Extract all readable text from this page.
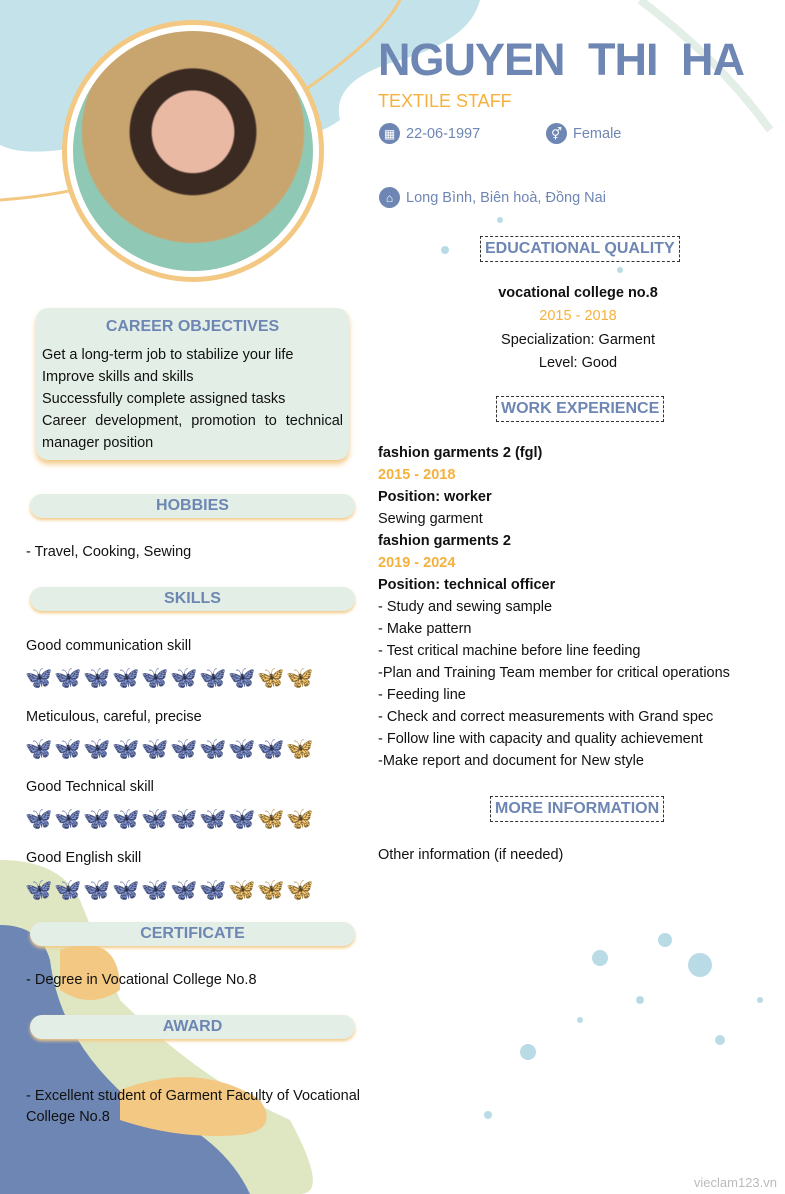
NGUYEN THI HA
TEXTILE STAFF
▦ 22-06-1997	⚥ Female
⌂ Long Bình, Biên hoà, Đồng Nai
CAREER OBJECTIVES

Get a long-term job to stabilize your life

Improve skills and skills

Successfully complete assigned tasks

Career development, promotion to technical manager position

HOBBIES
- Travel, Cooking, Sewing
SKILLS
Good communication skill
🦋 🦋 🦋 🦋 🦋 🦋 🦋 🦋 🦋 🦋
Meticulous, careful, precise
🦋 🦋 🦋 🦋 🦋 🦋 🦋 🦋 🦋 🦋
Good Technical skill
🦋 🦋 🦋 🦋 🦋 🦋 🦋 🦋 🦋 🦋
Good English skill
🦋 🦋 🦋 🦋 🦋 🦋 🦋 🦋 🦋 🦋
CERTIFICATE
- Degree in Vocational College No.8
AWARD
- Excellent student of Garment Faculty of Vocational College No.8
EDUCATIONAL QUALITY
vocational college no.8
2015 - 2018
Specialization: Garment
Level: Good
WORK EXPERIENCE
fashion garments 2 (fgl)
2015 - 2018
Position: worker
Sewing garment
fashion garments 2
2019 - 2024
Position: technical officer
- Study and sewing sample
- Make pattern
- Test critical machine before line feeding
-Plan and Training Team member for critical operations
- Feeding line
- Check and correct measurements with Grand spec
- Follow line with capacity and quality achievement
-Make report and document for New style
MORE INFORMATION
Other information (if needed)
vieclam123.vn
